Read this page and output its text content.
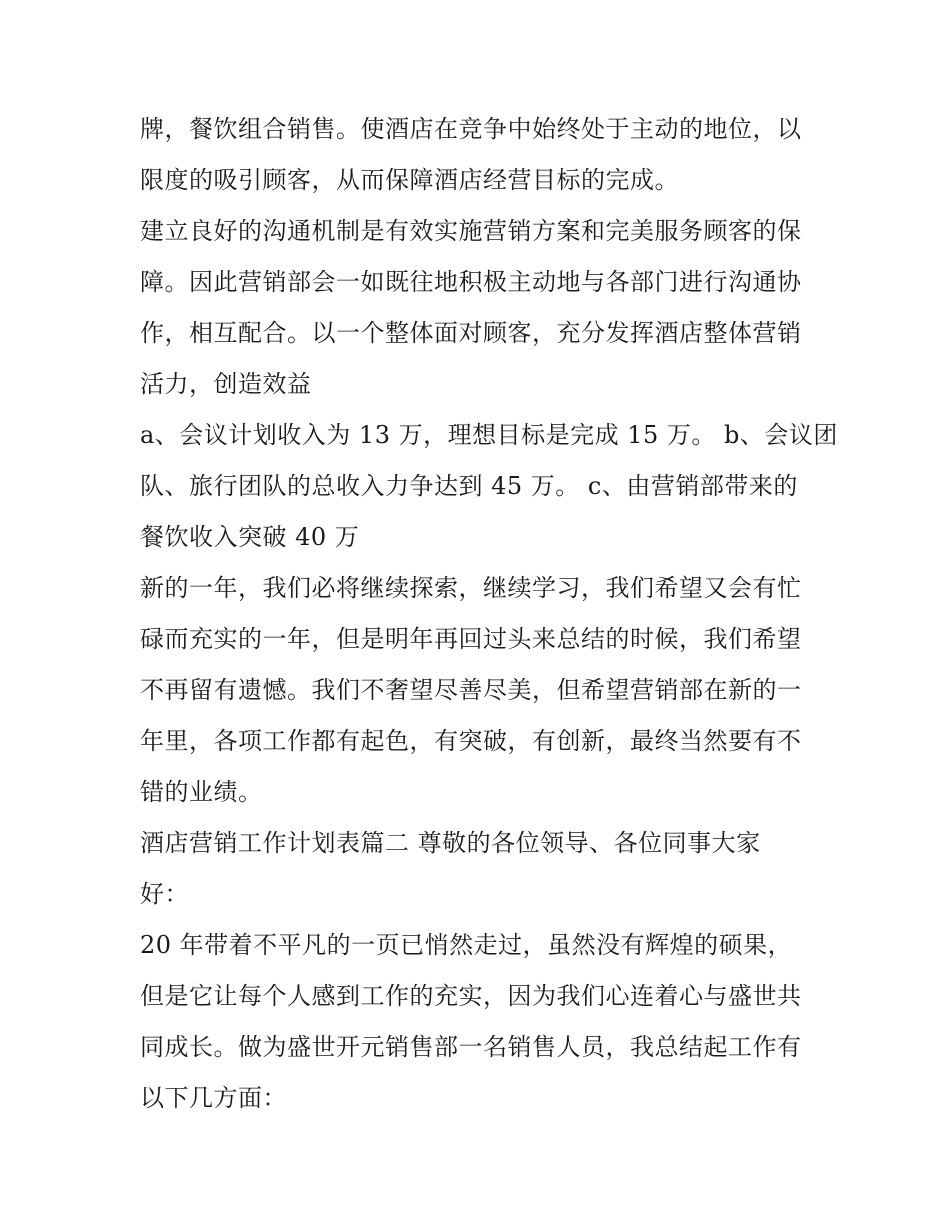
牌，餐饮组合销售。使酒店在竞争中始终处于主动的地位，以
限度的吸引顾客，从而保障酒店经营目标的完成。
建立良好的沟通机制是有效实施营销方案和完美服务顾客的保
障。因此营销部会一如既往地积极主动地与各部门进行沟通协
作，相互配合。以一个整体面对顾客，充分发挥酒店整体营销
活力，创造效益
a、会议计划收入为 13 万，理想目标是完成 15 万。 b、会议团
队、旅行团队的总收入力争达到 45 万。 c、由营销部带来的
餐饮收入突破 40 万
新的一年，我们必将继续探索，继续学习，我们希望又会有忙
碌而充实的一年，但是明年再回过头来总结的时候，我们希望
不再留有遗憾。我们不奢望尽善尽美，但希望营销部在新的一
年里，各项工作都有起色，有突破，有创新，最终当然要有不
错的业绩。
酒店营销工作计划表篇二 尊敬的各位领导、各位同事大家
好：
20 年带着不平凡的一页已悄然走过，虽然没有辉煌的硕果，
但是它让每个人感到工作的充实，因为我们心连着心与盛世共
同成长。做为盛世开元销售部一名销售人员，我总结起工作有
以下几方面：
